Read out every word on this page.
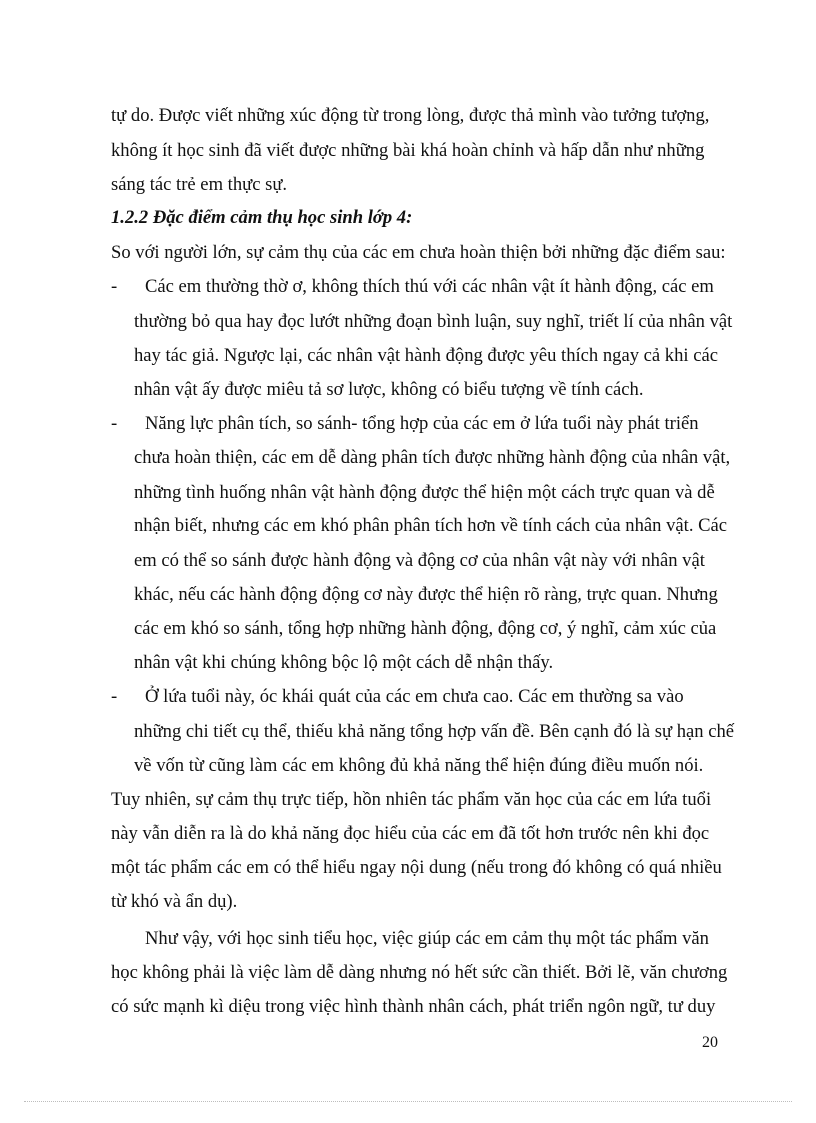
tự do. Được viết những xúc động từ trong lòng, được thả mình vào tưởng tượng,
không ít học sinh đã viết được những bài khá hoàn chỉnh và hấp dẫn như những
sáng tác trẻ em thực sự.
1.2.2 Đặc điểm cảm thụ học sinh lớp 4:
So với người lớn, sự cảm thụ của các em chưa hoàn thiện bởi những đặc điểm sau:
- Các em thường thờ ơ, không thích thú với các nhân vật ít hành động, các em
thường bỏ qua hay đọc lướt những đoạn bình luận, suy nghĩ, triết lí của nhân vật
hay tác giả. Ngược lại, các nhân vật hành động được yêu thích ngay cả khi các
nhân vật ấy được miêu tả sơ lược, không có biểu tượng về tính cách.
- Năng lực phân tích, so sánh- tổng hợp của các em ở lứa tuổi này phát triển
chưa hoàn thiện, các em dễ dàng phân tích được những hành động của nhân vật,
những tình huống nhân vật hành động được thể hiện một cách trực quan và dễ
nhận biết, nhưng các em khó phân phân tích hơn về tính cách của nhân vật. Các
em có thể so sánh được hành động và động cơ của nhân vật này với nhân vật
khác, nếu các hành động động cơ này được thể hiện rõ ràng, trực quan. Nhưng
các em khó so sánh, tổng hợp những hành động, động cơ, ý nghĩ, cảm xúc của
nhân vật khi chúng không bộc lộ một cách dễ nhận thấy.
- Ở lứa tuổi này, óc khái quát của các em chưa cao. Các em thường sa vào
những chi tiết cụ thể, thiếu khả năng tổng hợp vấn đề. Bên cạnh đó là sự hạn chế
về vốn từ cũng làm các em không đủ khả năng thể hiện đúng điều muốn nói.
Tuy nhiên, sự cảm thụ trực tiếp, hồn nhiên tác phẩm văn học của các em lứa tuổi
này vẫn diễn ra là do khả năng đọc hiểu của các em đã tốt hơn trước nên khi đọc
một tác phẩm các em có thể hiểu ngay nội dung (nếu trong đó không có quá nhiều
từ khó và ẩn dụ).
Như vậy, với học sinh tiểu học, việc giúp các em cảm thụ một tác phẩm văn
học không phải là việc làm dễ dàng nhưng nó hết sức cần thiết. Bởi lẽ, văn chương
có sức mạnh kì diệu trong việc hình thành nhân cách, phát triển ngôn ngữ, tư duy
20
